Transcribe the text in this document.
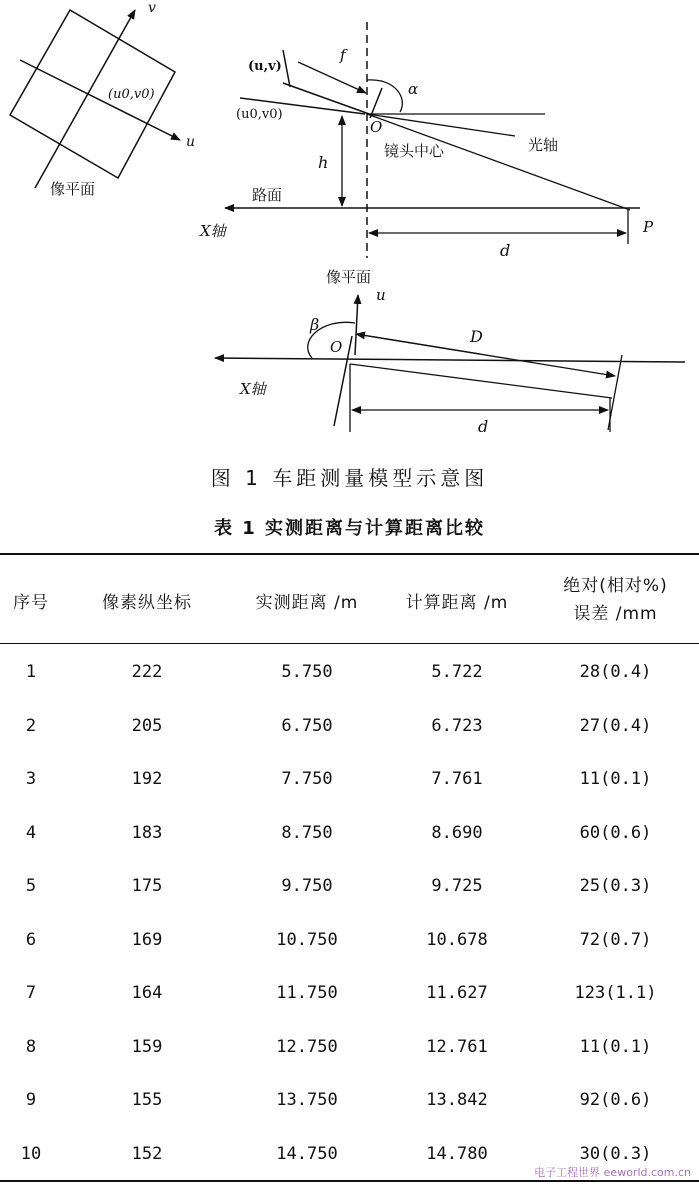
v
u
(u0,v0)
像平面
(u,v)
(u0,v0)
f
α
O
镜头中心	光轴
h
路面
X轴	P
d
像平面
u
β
O
D
X轴
d
图 1 车距测量模型示意图
表 1 实测距离与计算距离比较
序号	像素纵坐标	实测距离 /m	计算距离 /m
绝对(相对%)
误差 /mm
1	222	5.750	5.722	28(0.4)
2	205	6.750	6.723	27(0.4)
3	192	7.750	7.761	11(0.1)
4	183	8.750	8.690	60(0.6)
5	175	9.750	9.725	25(0.3)
6	169	10.750	10.678	72(0.7)
7	164	11.750	11.627	123(1.1)
8	159	12.750	12.761	11(0.1)
9	155	13.750	13.842	92(0.6)
10	152	14.750	14.780	30(0.3)
电子工程世界 eeworld.com.cn
